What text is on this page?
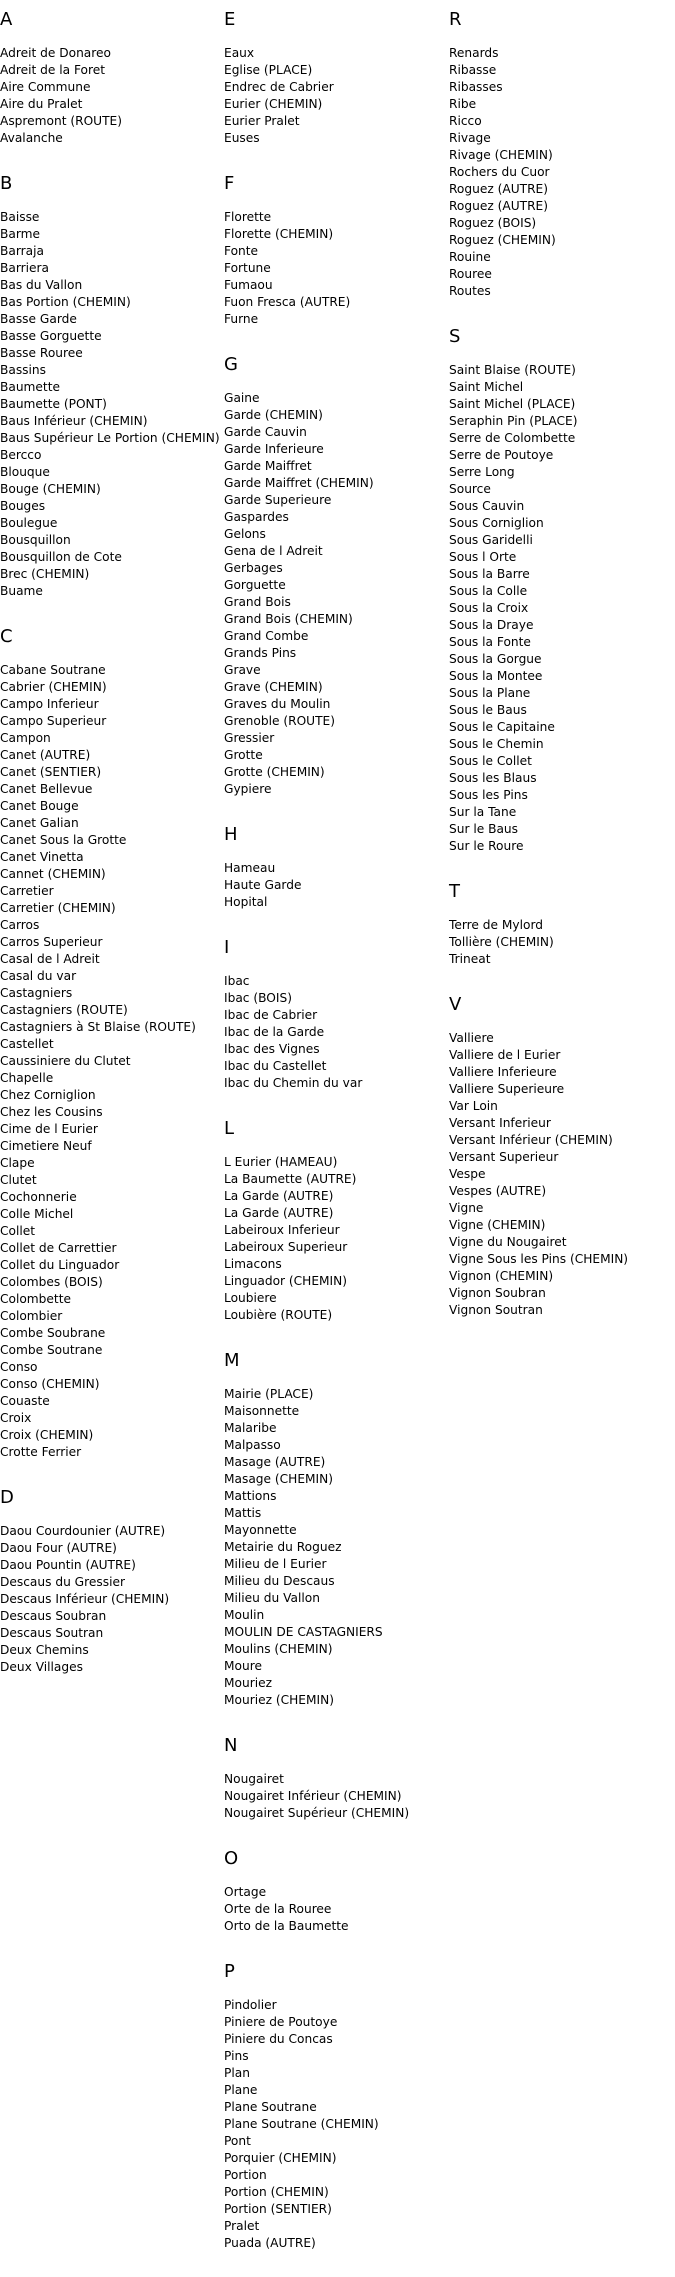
A
Adreit de Donareo
Adreit de la Foret
Aire Commune
Aire du Pralet
Aspremont (ROUTE)
Avalanche
B
Baisse
Barme
Barraja
Barriera
Bas du Vallon
Bas Portion (CHEMIN)
Basse Garde
Basse Gorguette
Basse Rouree
Bassins
Baumette
Baumette (PONT)
Baus Inférieur (CHEMIN)
Baus Supérieur Le Portion (CHEMIN)
Bercco
Blouque
Bouge (CHEMIN)
Bouges
Boulegue
Bousquillon
Bousquillon de Cote
Brec (CHEMIN)
Buame
C
Cabane Soutrane
Cabrier (CHEMIN)
Campo Inferieur
Campo Superieur
Campon
Canet (AUTRE)
Canet (SENTIER)
Canet Bellevue
Canet Bouge
Canet Galian
Canet Sous la Grotte
Canet Vinetta
Cannet (CHEMIN)
Carretier
Carretier (CHEMIN)
Carros
Carros Superieur
Casal de l Adreit
Casal du var
Castagniers
Castagniers (ROUTE)
Castagniers à St Blaise (ROUTE)
Castellet
Caussiniere du Clutet
Chapelle
Chez Corniglion
Chez les Cousins
Cime de l Eurier
Cimetiere Neuf
Clape
Clutet
Cochonnerie
Colle Michel
Collet
Collet de Carrettier
Collet du Linguador
Colombes (BOIS)
Colombette
Colombier
Combe Soubrane
Combe Soutrane
Conso
Conso (CHEMIN)
Couaste
Croix
Croix (CHEMIN)
Crotte Ferrier
D
Daou Courdounier (AUTRE)
Daou Four (AUTRE)
Daou Pountin (AUTRE)
Descaus du Gressier
Descaus Inférieur (CHEMIN)
Descaus Soubran
Descaus Soutran
Deux Chemins
Deux Villages
E
Eaux
Eglise (PLACE)
Endrec de Cabrier
Eurier (CHEMIN)
Eurier Pralet
Euses
F
Florette
Florette (CHEMIN)
Fonte
Fortune
Fumaou
Fuon Fresca (AUTRE)
Furne
G
Gaine
Garde (CHEMIN)
Garde Cauvin
Garde Inferieure
Garde Maiffret
Garde Maiffret (CHEMIN)
Garde Superieure
Gaspardes
Gelons
Gena de l Adreit
Gerbages
Gorguette
Grand Bois
Grand Bois (CHEMIN)
Grand Combe
Grands Pins
Grave
Grave (CHEMIN)
Graves du Moulin
Grenoble (ROUTE)
Gressier
Grotte
Grotte (CHEMIN)
Gypiere
H
Hameau
Haute Garde
Hopital
I
Ibac
Ibac (BOIS)
Ibac de Cabrier
Ibac de la Garde
Ibac des Vignes
Ibac du Castellet
Ibac du Chemin du var
L
L Eurier (HAMEAU)
La Baumette (AUTRE)
La Garde (AUTRE)
La Garde (AUTRE)
Labeiroux Inferieur
Labeiroux Superieur
Limacons
Linguador (CHEMIN)
Loubiere
Loubière (ROUTE)
M
Mairie (PLACE)
Maisonnette
Malaribe
Malpasso
Masage (AUTRE)
Masage (CHEMIN)
Mattions
Mattis
Mayonnette
Metairie du Roguez
Milieu de l Eurier
Milieu du Descaus
Milieu du Vallon
Moulin
MOULIN DE CASTAGNIERS
Moulins (CHEMIN)
Moure
Mouriez
Mouriez (CHEMIN)
N
Nougairet
Nougairet Inférieur (CHEMIN)
Nougairet Supérieur (CHEMIN)
O
Ortage
Orte de la Rouree
Orto de la Baumette
P
Pindolier
Piniere de Poutoye
Piniere du Concas
Pins
Plan
Plane
Plane Soutrane
Plane Soutrane (CHEMIN)
Pont
Porquier (CHEMIN)
Portion
Portion (CHEMIN)
Portion (SENTIER)
Pralet
Puada (AUTRE)
R
Renards
Ribasse
Ribasses
Ribe
Ricco
Rivage
Rivage (CHEMIN)
Rochers du Cuor
Roguez (AUTRE)
Roguez (AUTRE)
Roguez (BOIS)
Roguez (CHEMIN)
Rouine
Rouree
Routes
S
Saint Blaise (ROUTE)
Saint Michel
Saint Michel (PLACE)
Seraphin Pin (PLACE)
Serre de Colombette
Serre de Poutoye
Serre Long
Source
Sous Cauvin
Sous Corniglion
Sous Garidelli
Sous l Orte
Sous la Barre
Sous la Colle
Sous la Croix
Sous la Draye
Sous la Fonte
Sous la Gorgue
Sous la Montee
Sous la Plane
Sous le Baus
Sous le Capitaine
Sous le Chemin
Sous le Collet
Sous les Blaus
Sous les Pins
Sur la Tane
Sur le Baus
Sur le Roure
T
Terre de Mylord
Tollière (CHEMIN)
Trineat
V
Valliere
Valliere de l Eurier
Valliere Inferieure
Valliere Superieure
Var Loin
Versant Inferieur
Versant Inférieur (CHEMIN)
Versant Superieur
Vespe
Vespes (AUTRE)
Vigne
Vigne (CHEMIN)
Vigne du Nougairet
Vigne Sous les Pins (CHEMIN)
Vignon (CHEMIN)
Vignon Soubran
Vignon Soutran
